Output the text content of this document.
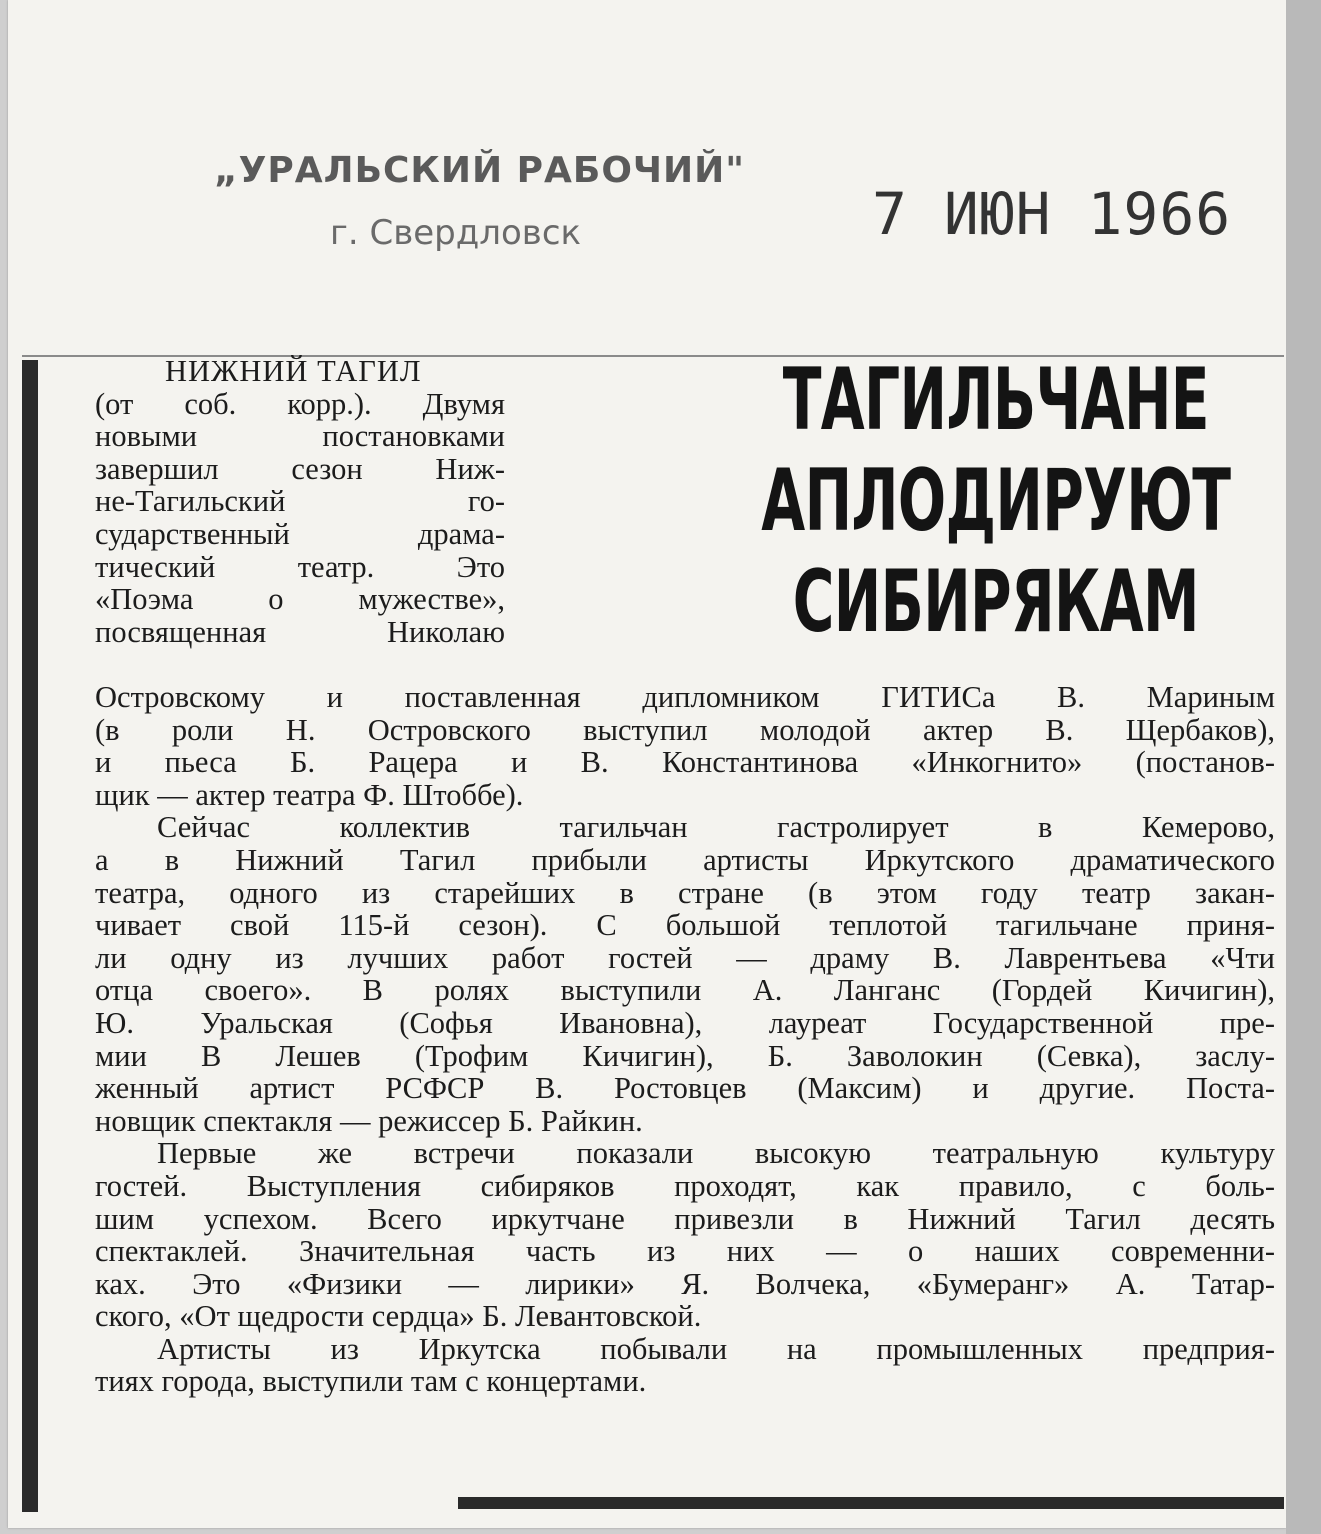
„УРАЛЬСКИЙ РАБОЧИЙ"
г. Свердловск	7 ИЮН 1966
ТАГИЛЬЧАНЕ
АПЛОДИРУЮТ
СИБИРЯКАМ
НИЖНИЙ ТАГИЛ
(от соб. корр.). Двумя
новыми постановками
завершил сезон Ниж-
не-Тагильский го-
сударственный драма-
тический театр. Это
«Поэма о мужестве»,
посвященная Николаю
Островскому и поставленная дипломником ГИТИСа В. Мариным
(в роли Н. Островского выступил молодой актер В. Щербаков),
и пьеса Б. Рацера и В. Константинова «Инкогнито» (постанов-
щик — актер театра Ф. Штоббе).
Сейчас коллектив тагильчан гастролирует в Кемерово,
а в Нижний Тагил прибыли артисты Иркутского драматического
театра, одного из старейших в стране (в этом году театр закан-
чивает свой 115-й сезон). С большой теплотой тагильчане приня-
ли одну из лучших работ гостей — драму В. Лаврентьева «Чти
отца своего». В ролях выступили А. Ланганс (Гордей Кичигин),
Ю. Уральская (Софья Ивановна), лауреат Государственной пре-
мии В Лешев (Трофим Кичигин), Б. Заволокин (Севка), заслу-
женный артист РСФСР В. Ростовцев (Максим) и другие. Поста-
новщик спектакля — режиссер Б. Райкин.
Первые же встречи показали высокую театральную культуру
гостей. Выступления сибиряков проходят, как правило, с боль-
шим успехом. Всего иркутчане привезли в Нижний Тагил десять
спектаклей. Значительная часть из них — о наших современни-
ках. Это «Физики — лирики» Я. Волчека, «Бумеранг» А. Татар-
ского, «От щедрости сердца» Б. Левантовской.
Артисты из Иркутска побывали на промышленных предприя-
тиях города, выступили там с концертами.
